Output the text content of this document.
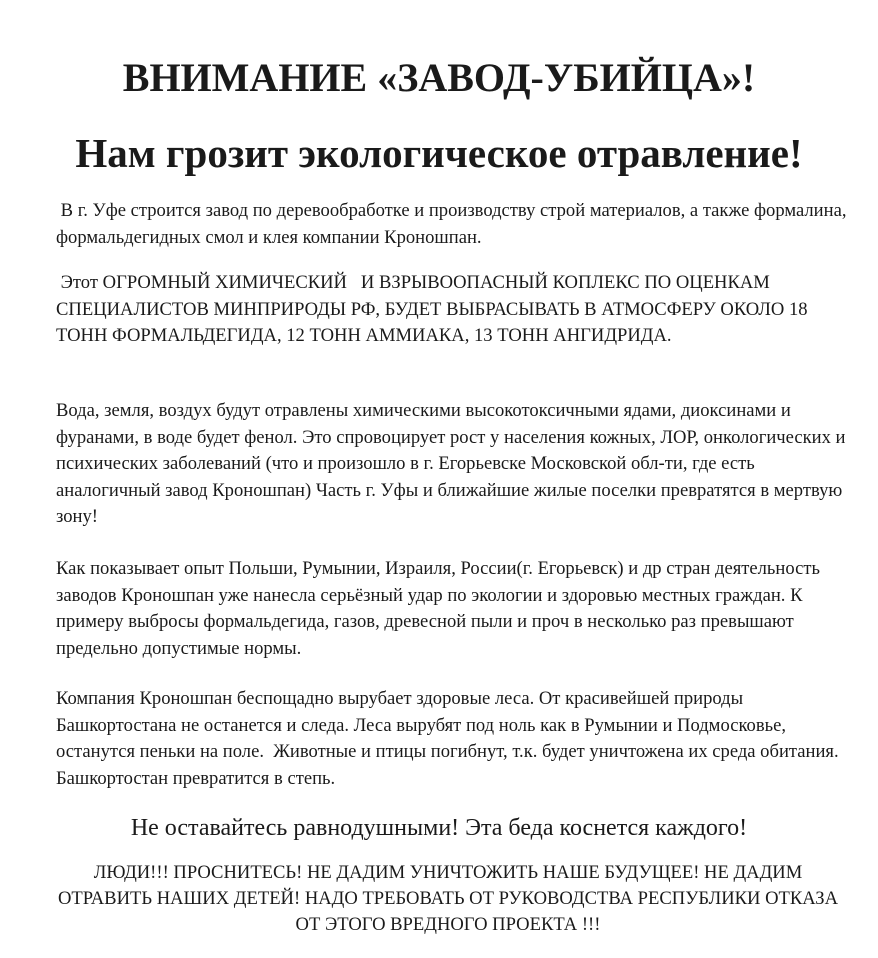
ВНИМАНИЕ «ЗАВОД-УБИЙЦА»!
Нам грозит экологическое отравление!

В г. Уфе строится завод по деревообработке и производству строй материалов, а также формалина, формальдегидных смол и клея компании Кроношпан.

Этот ОГРОМНЫЙ ХИМИЧЕСКИЙ   И ВЗРЫВООПАСНЫЙ КОПЛЕКС ПО ОЦЕНКАМ СПЕЦИАЛИСТОВ МИНПРИРОДЫ РФ, БУДЕТ ВЫБРАСЫВАТЬ В АТМОСФЕРУ ОКОЛО 18 ТОНН ФОРМАЛЬДЕГИДА, 12 ТОНН АММИАКА, 13 ТОНН АНГИДРИДА.

Вода, земля, воздух будут отравлены химическими высокотоксичными ядами, диоксинами и фуранами, в воде будет фенол. Это спровоцирует рост у населения кожных, ЛОР, онкологических и психических заболеваний (что и произошло в г. Егорьевске Московской обл-ти, где есть аналогичный завод Кроношпан) Часть г. Уфы и ближайшие жилые поселки превратятся в мертвую зону!

Как показывает опыт Польши, Румынии, Израиля, России(г. Егорьевск) и др стран деятельность заводов Кроношпан уже нанесла серьёзный удар по экологии и здоровью местных граждан. К примеру выбросы формальдегида, газов, древесной пыли и проч в несколько раз превышают предельно допустимые нормы.

Компания Кроношпан беспощадно вырубает здоровые леса. От красивейшей природы Башкортостана не останется и следа. Леса вырубят под ноль как в Румынии и Подмосковье, останутся пеньки на поле.  Животные и птицы погибнут, т.к. будет уничтожена их среда обитания. Башкортостан превратится в степь.

Не оставайтесь равнодушными! Эта беда коснется каждого!

ЛЮДИ!!! ПРОСНИТЕСЬ! НЕ ДАДИМ УНИЧТОЖИТЬ НАШЕ БУДУЩЕЕ! НЕ ДАДИМ ОТРАВИТЬ НАШИХ ДЕТЕЙ! НАДО ТРЕБОВАТЬ ОТ РУКОВОДСТВА РЕСПУБЛИКИ ОТКАЗА ОТ ЭТОГО ВРЕДНОГО ПРОЕКТА !!!
